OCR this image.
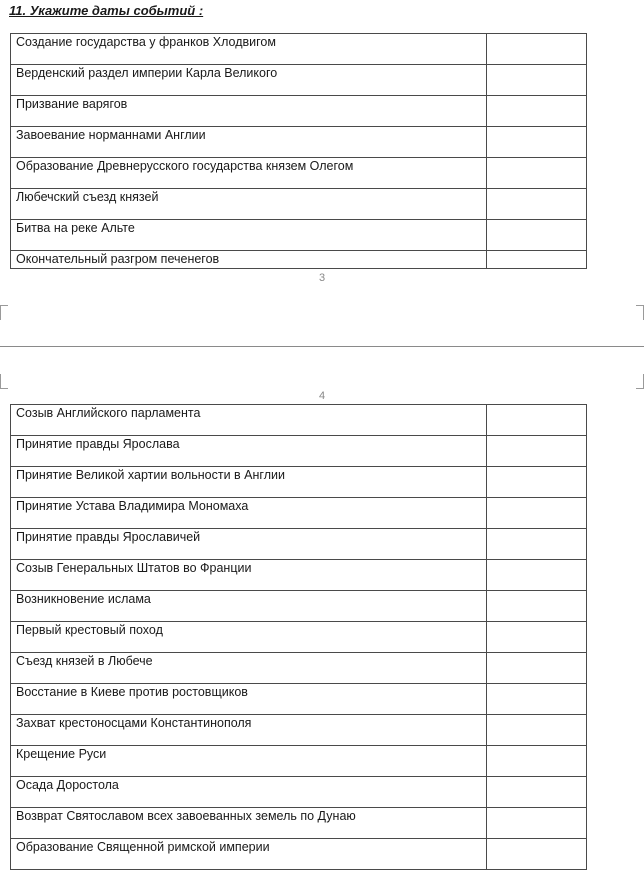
11. Укажите даты событий :
Создание государства у франков Хлодвигом	
Верденский раздел империи Карла Великого	
Призвание варягов	
Завоевание норманнами Англии	
Образование Древнерусского государства князем Олегом	
Любечский съезд князей	
Битва на реке Альте	
Окончательный разгром печенегов	
3
4
Созыв Английского парламента	
Принятие правды Ярослава	
Принятие Великой хартии вольности в Англии	
Принятие Устава Владимира Мономаха	
Принятие правды Ярославичей	
Созыв Генеральных Штатов во Франции	
Возникновение ислама	
Первый крестовый поход	
Съезд князей в Любече	
Восстание в Киеве против ростовщиков	
Захват крестоносцами Константинополя	
Крещение Руси	
Осада Доростола	
Возврат Святославом всех завоеванных земель по Дунаю	
Образование Священной римской империи	
